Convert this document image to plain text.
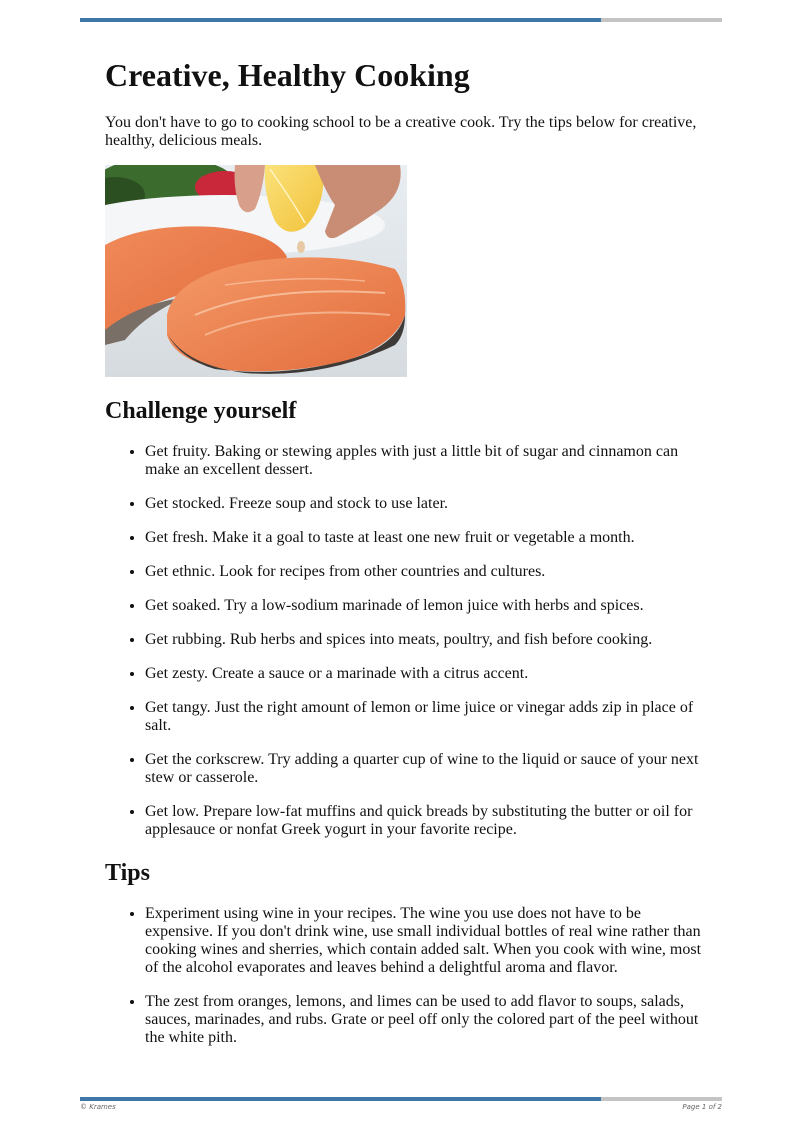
Creative, Healthy Cooking

You don't have to go to cooking school to be a creative cook. Try the tips below for creative, healthy, delicious meals.

Challenge yourself
• Get fruity. Baking or stewing apples with just a little bit of sugar and cinnamon can make an excellent dessert.
• Get stocked. Freeze soup and stock to use later.
• Get fresh. Make it a goal to taste at least one new fruit or vegetable a month.
• Get ethnic. Look for recipes from other countries and cultures.
• Get soaked. Try a low-sodium marinade of lemon juice with herbs and spices.
• Get rubbing. Rub herbs and spices into meats, poultry, and fish before cooking.
• Get zesty. Create a sauce or a marinade with a citrus accent.
• Get tangy. Just the right amount of lemon or lime juice or vinegar adds zip in place of salt.
• Get the corkscrew. Try adding a quarter cup of wine to the liquid or sauce of your next stew or casserole.
• Get low. Prepare low-fat muffins and quick breads by substituting the butter or oil for applesauce or nonfat Greek yogurt in your favorite recipe.
Tips
• Experiment using wine in your recipes. The wine you use does not have to be expensive. If you don't drink wine, use small individual bottles of real wine rather than cooking wines and sherries, which contain added salt. When you cook with wine, most of the alcohol evaporates and leaves behind a delightful aroma and flavor.
• The zest from oranges, lemons, and limes can be used to add flavor to soups, salads, sauces, marinades, and rubs. Grate or peel off only the colored part of the peel without the white pith.
© Krames	Page 1 of 2
